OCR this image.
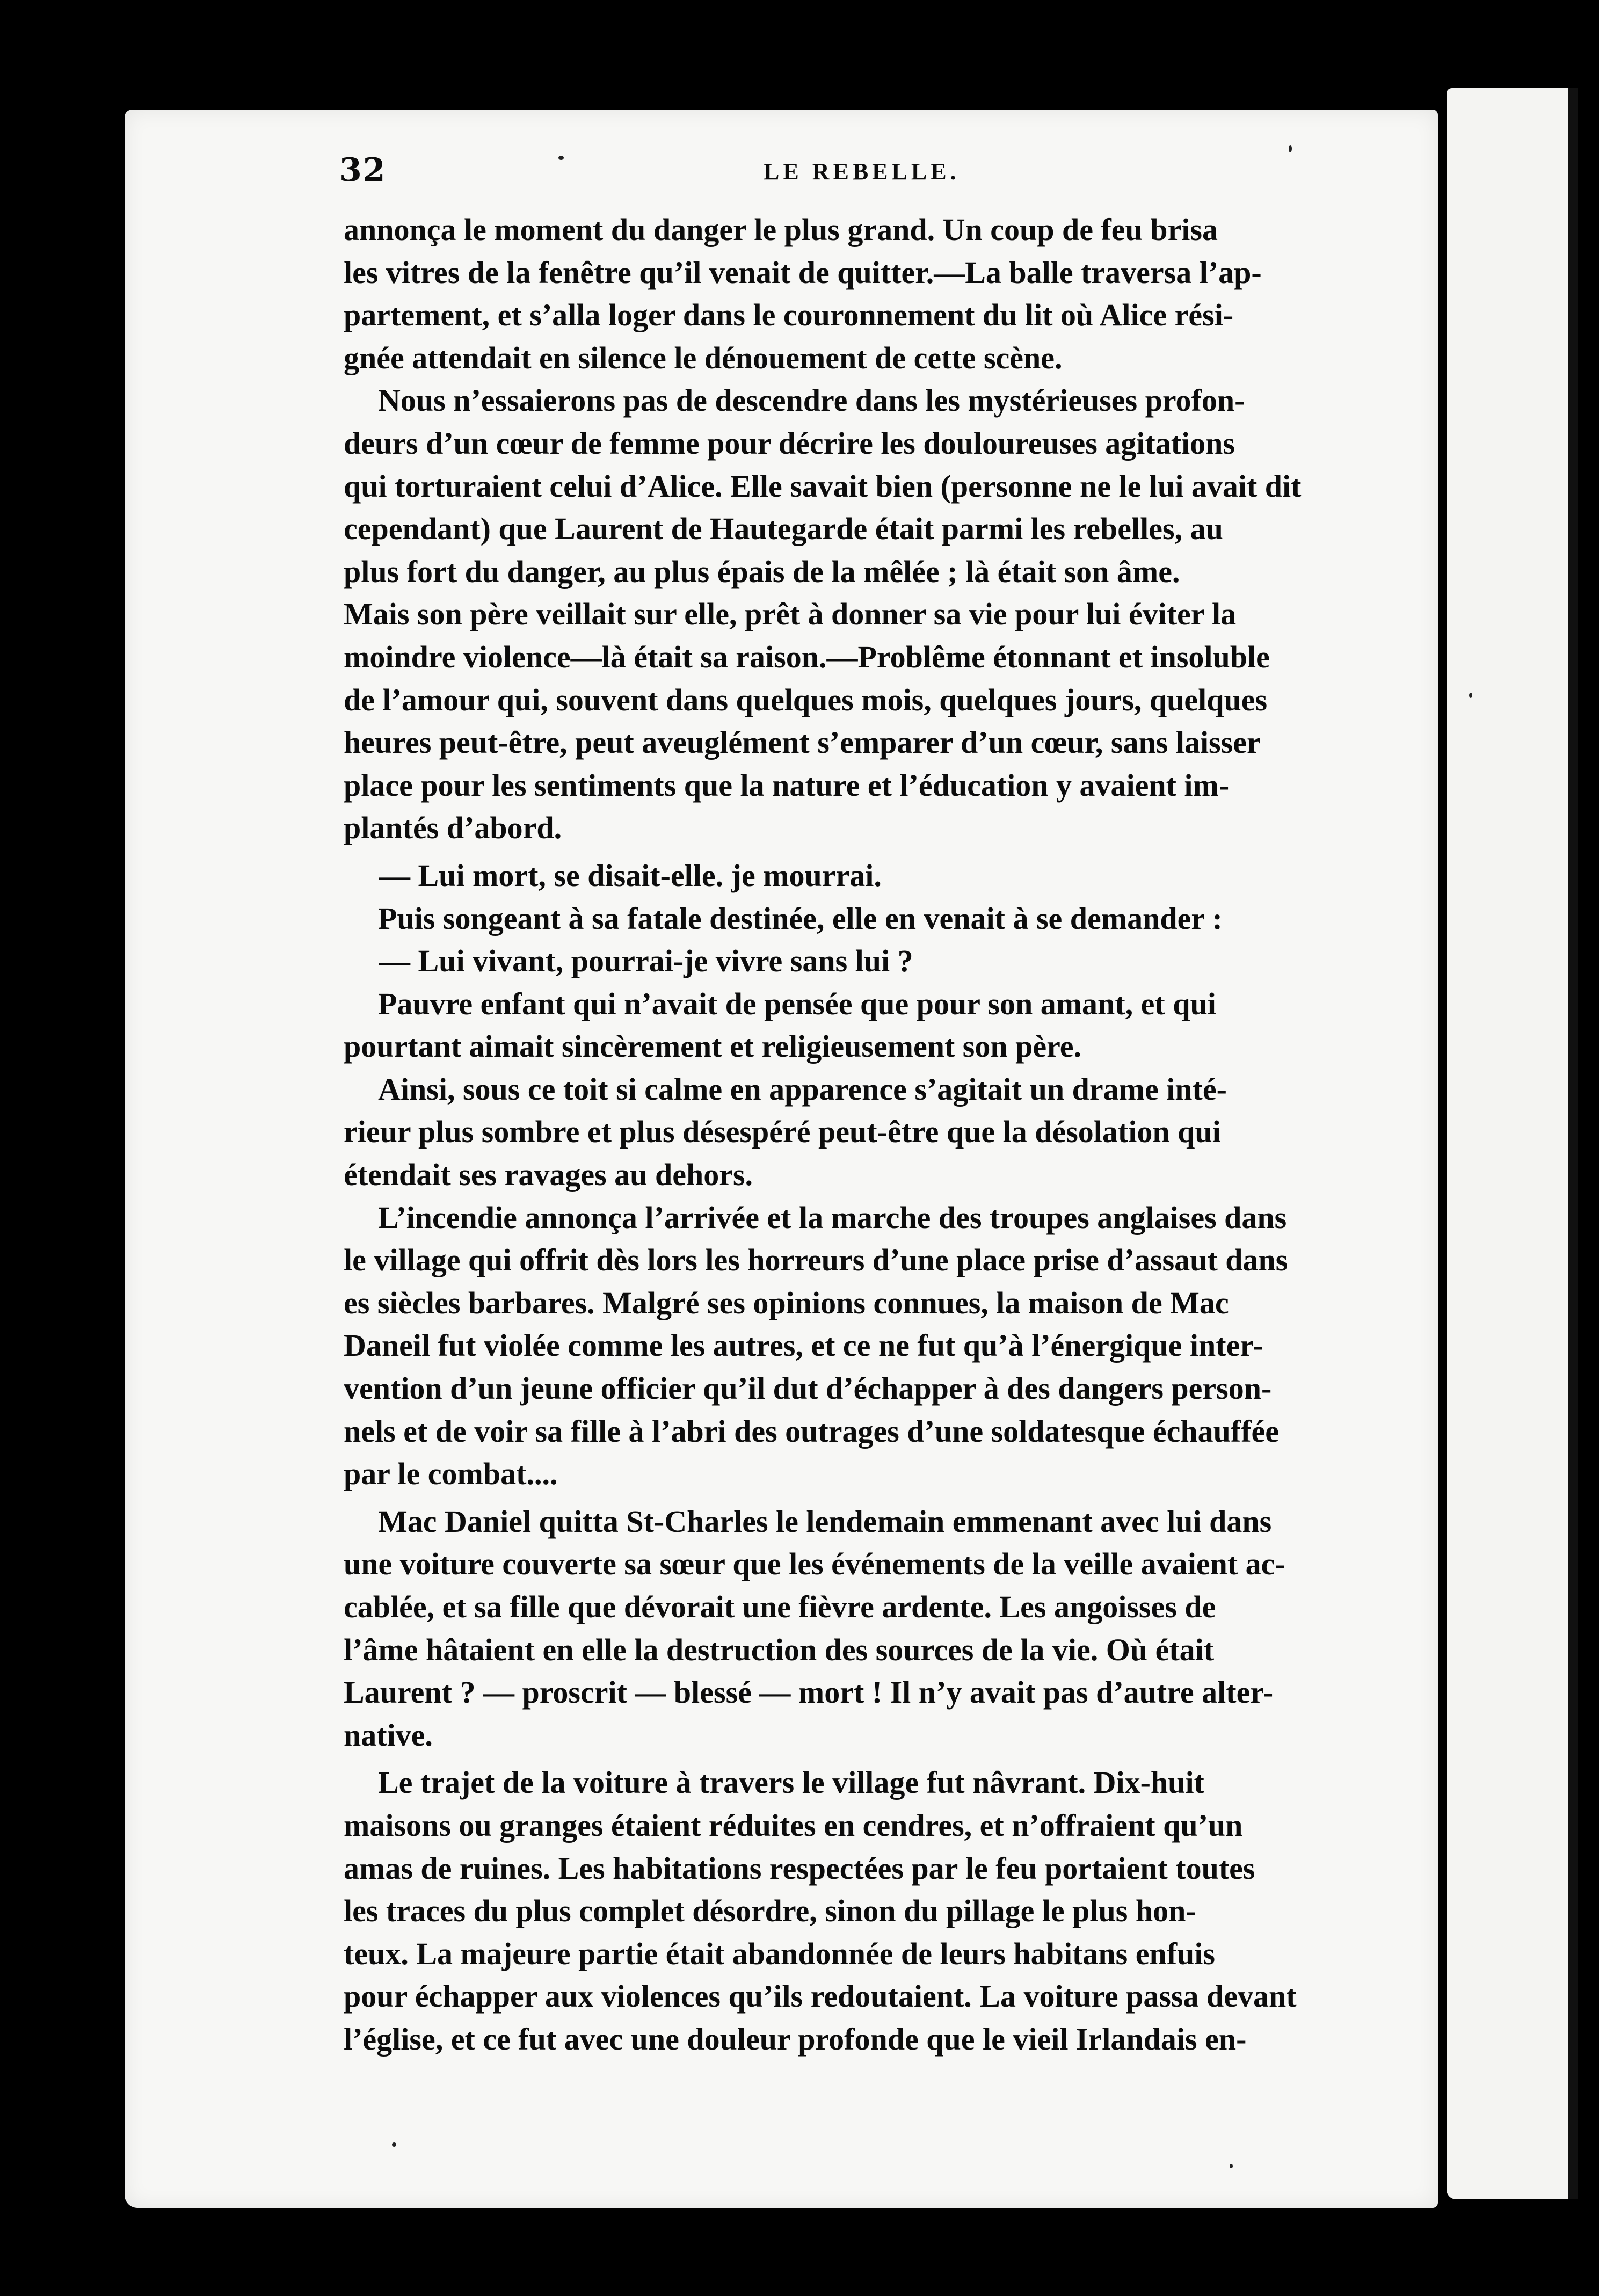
32	LE REBELLE.
annonça le moment du danger le plus grand. Un coup de feu brisa
les vitres de la fenêtre qu’il venait de quitter.—La balle traversa l’ap-
partement, et s’alla loger dans le couronnement du lit où Alice rési-
gnée attendait en silence le dénouement de cette scène.
Nous n’essaierons pas de descendre dans les mystérieuses profon-
deurs d’un cœur de femme pour décrire les douloureuses agitations
qui torturaient celui d’Alice. Elle savait bien (personne ne le lui avait dit
cependant) que Laurent de Hautegarde était parmi les rebelles, au
plus fort du danger, au plus épais de la mêlée ; là était son âme.
Mais son père veillait sur elle, prêt à donner sa vie pour lui éviter la
moindre violence—là était sa raison.—Problême étonnant et insoluble
de l’amour qui, souvent dans quelques mois, quelques jours, quelques
heures peut-être, peut aveuglément s’emparer d’un cœur, sans laisser
place pour les sentiments que la nature et l’éducation y avaient im-
plantés d’abord.
— Lui mort, se disait-elle. je mourrai.
Puis songeant à sa fatale destinée, elle en venait à se demander :
— Lui vivant, pourrai-je vivre sans lui ?
Pauvre enfant qui n’avait de pensée que pour son amant, et qui
pourtant aimait sincèrement et religieusement son père.
Ainsi, sous ce toit si calme en apparence s’agitait un drame inté-
rieur plus sombre et plus désespéré peut-être que la désolation qui
étendait ses ravages au dehors.
L’incendie annonça l’arrivée et la marche des troupes anglaises dans
le village qui offrit dès lors les horreurs d’une place prise d’assaut dans
es siècles barbares. Malgré ses opinions connues, la maison de Mac
Daneil fut violée comme les autres, et ce ne fut qu’à l’énergique inter-
vention d’un jeune officier qu’il dut d’échapper à des dangers person-
nels et de voir sa fille à l’abri des outrages d’une soldatesque échauffée
par le combat....
Mac Daniel quitta St-Charles le lendemain emmenant avec lui dans
une voiture couverte sa sœur que les événements de la veille avaient ac-
cablée, et sa fille que dévorait une fièvre ardente. Les angoisses de
l’âme hâtaient en elle la destruction des sources de la vie. Où était
Laurent ? — proscrit — blessé — mort ! Il n’y avait pas d’autre alter-
native.
Le trajet de la voiture à travers le village fut nâvrant. Dix-huit
maisons ou granges étaient réduites en cendres, et n’offraient qu’un
amas de ruines. Les habitations respectées par le feu portaient toutes
les traces du plus complet désordre, sinon du pillage le plus hon-
teux. La majeure partie était abandonnée de leurs habitans enfuis
pour échapper aux violences qu’ils redoutaient. La voiture passa devant
l’église, et ce fut avec une douleur profonde que le vieil Irlandais en-
